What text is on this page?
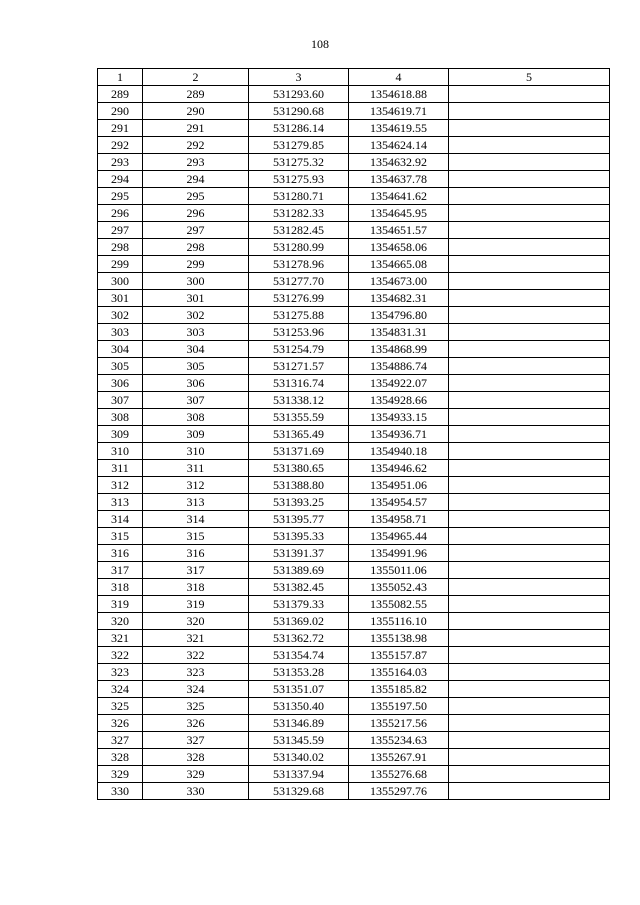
108
1	2	3	4	5
289	289	531293.60	1354618.88	
290	290	531290.68	1354619.71	
291	291	531286.14	1354619.55	
292	292	531279.85	1354624.14	
293	293	531275.32	1354632.92	
294	294	531275.93	1354637.78	
295	295	531280.71	1354641.62	
296	296	531282.33	1354645.95	
297	297	531282.45	1354651.57	
298	298	531280.99	1354658.06	
299	299	531278.96	1354665.08	
300	300	531277.70	1354673.00	
301	301	531276.99	1354682.31	
302	302	531275.88	1354796.80	
303	303	531253.96	1354831.31	
304	304	531254.79	1354868.99	
305	305	531271.57	1354886.74	
306	306	531316.74	1354922.07	
307	307	531338.12	1354928.66	
308	308	531355.59	1354933.15	
309	309	531365.49	1354936.71	
310	310	531371.69	1354940.18	
311	311	531380.65	1354946.62	
312	312	531388.80	1354951.06	
313	313	531393.25	1354954.57	
314	314	531395.77	1354958.71	
315	315	531395.33	1354965.44	
316	316	531391.37	1354991.96	
317	317	531389.69	1355011.06	
318	318	531382.45	1355052.43	
319	319	531379.33	1355082.55	
320	320	531369.02	1355116.10	
321	321	531362.72	1355138.98	
322	322	531354.74	1355157.87	
323	323	531353.28	1355164.03	
324	324	531351.07	1355185.82	
325	325	531350.40	1355197.50	
326	326	531346.89	1355217.56	
327	327	531345.59	1355234.63	
328	328	531340.02	1355267.91	
329	329	531337.94	1355276.68	
330	330	531329.68	1355297.76	
